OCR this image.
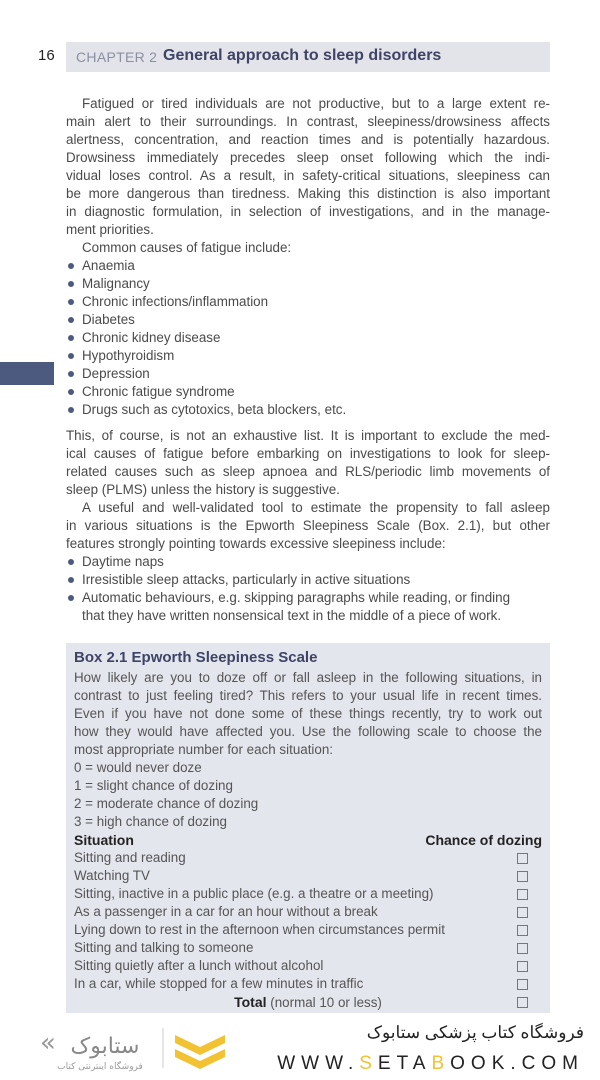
16 CHAPTER 2 General approach to sleep disorders
Fatigued or tired individuals are not productive, but to a large extent re-
main alert to their surroundings. In contrast, sleepiness/drowsiness affects
alertness, concentration, and reaction times and is potentially hazardous.
Drowsiness immediately precedes sleep onset following which the indi-
vidual loses control. As a result, in safety-critical situations, sleepiness can
be more dangerous than tiredness. Making this distinction is also important
in diagnostic formulation, in selection of investigations, and in the manage-
ment priorities.
Common causes of fatigue include:
Anaemia
Malignancy
Chronic infections/inflammation
Diabetes
Chronic kidney disease
Hypothyroidism
Depression
Chronic fatigue syndrome
Drugs such as cytotoxics, beta blockers, etc.
This, of course, is not an exhaustive list. It is important to exclude the med-
ical causes of fatigue before embarking on investigations to look for sleep-
related causes such as sleep apnoea and RLS/periodic limb movements of
sleep (PLMS) unless the history is suggestive.
A useful and well-validated tool to estimate the propensity to fall asleep
in various situations is the Epworth Sleepiness Scale (Box. 2.1), but other
features strongly pointing towards excessive sleepiness include:
Daytime naps
Irresistible sleep attacks, particularly in active situations
Automatic behaviours, e.g. skipping paragraphs while reading, or finding
that they have written nonsensical text in the middle of a piece of work.
Box 2.1 Epworth Sleepiness Scale
How likely are you to doze off or fall asleep in the following situations, in
contrast to just feeling tired? This refers to your usual life in recent times.
Even if you have not done some of these things recently, try to work out
how they would have affected you. Use the following scale to choose the
most appropriate number for each situation:
0 = would never doze
1 = slight chance of dozing
2 = moderate chance of dozing
3 = high chance of dozing
Situation	Chance of dozing
Sitting and reading
Watching TV
Sitting, inactive in a public place (e.g. a theatre or a meeting)
As a passenger in a car for an hour without a break
Lying down to rest in the afternoon when circumstances permit
Sitting and talking to someone
Sitting quietly after a lunch without alcohol
In a car, while stopped for a few minutes in traffic
Total (normal 10 or less)
« ستابوک
فروشگاه اینترنتی کتاب
فروشگاه کتاب پزشکی ستابوک
WWW.SETABOOK.COM
